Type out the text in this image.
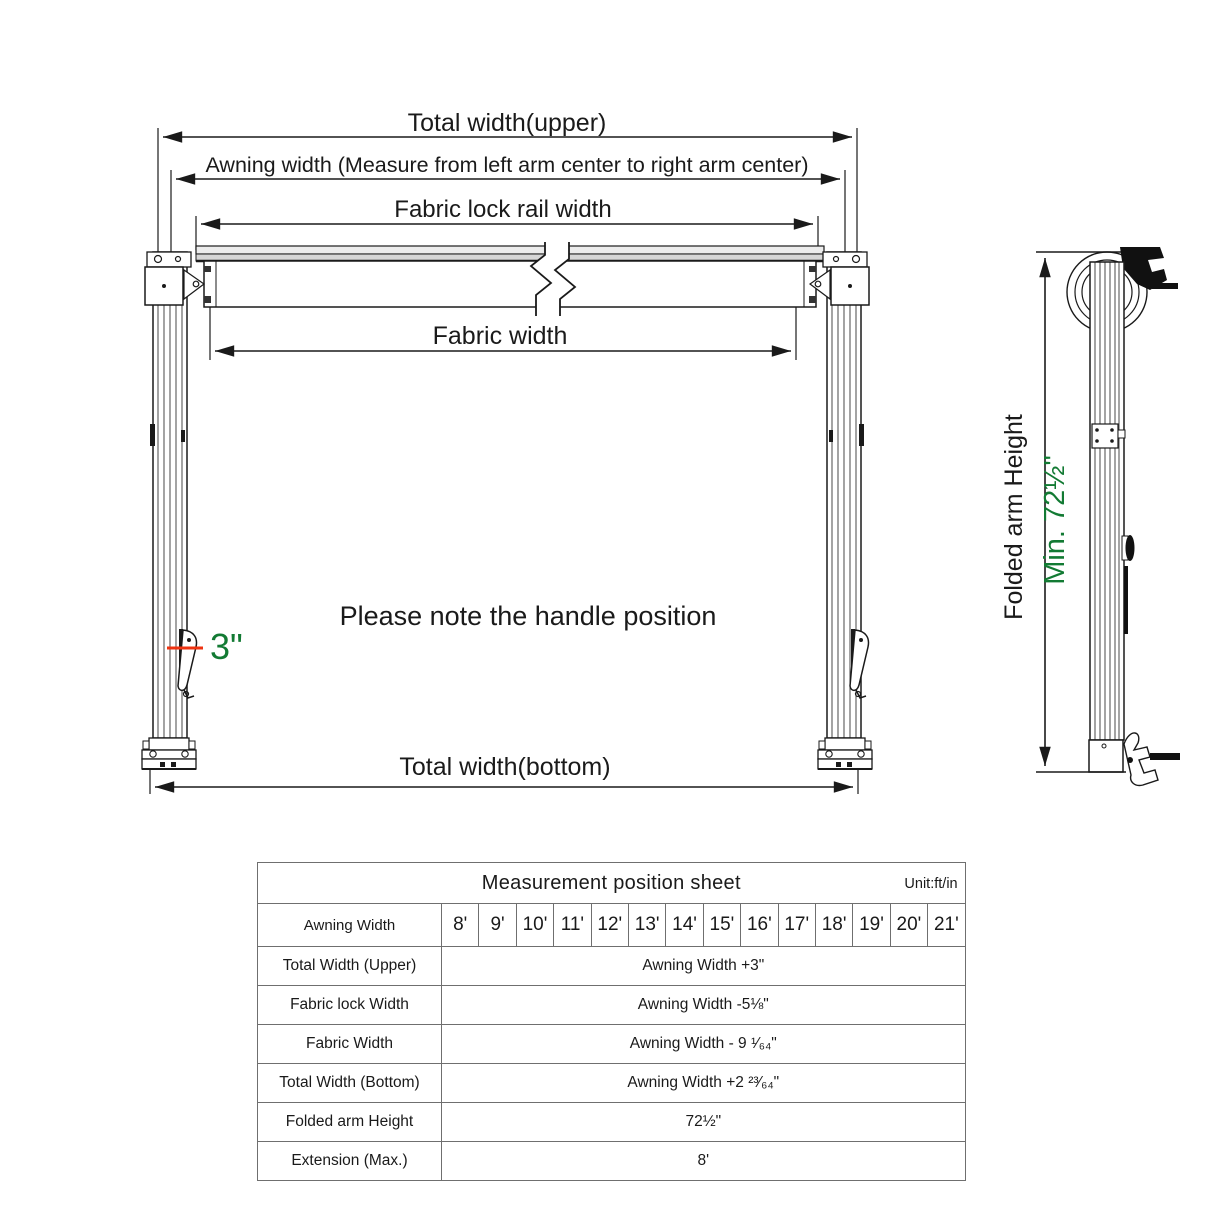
Total width(upper)
Awning width (Measure from left arm center to right arm center)
Fabric lock rail width
Fabric width
Please note the handle position
3"
Total width(bottom)
Folded arm Height Min. 72½"
Measurement position sheet Unit:ft/in														

Awning Width	8'	9'	10'	11'	12'	13'	14'	15'	16'	17'	18'	19'	20'	21'
Total Width (Upper)	Awning Width +3"													
Fabric lock Width	Awning Width -5⅛"													
Fabric Width	Awning Width - 9 ¹⁄₆₄"													
Total Width (Bottom)	Awning Width +2 ²³⁄₆₄"													
Folded arm Height	72½"													
Extension (Max.)	8'													
